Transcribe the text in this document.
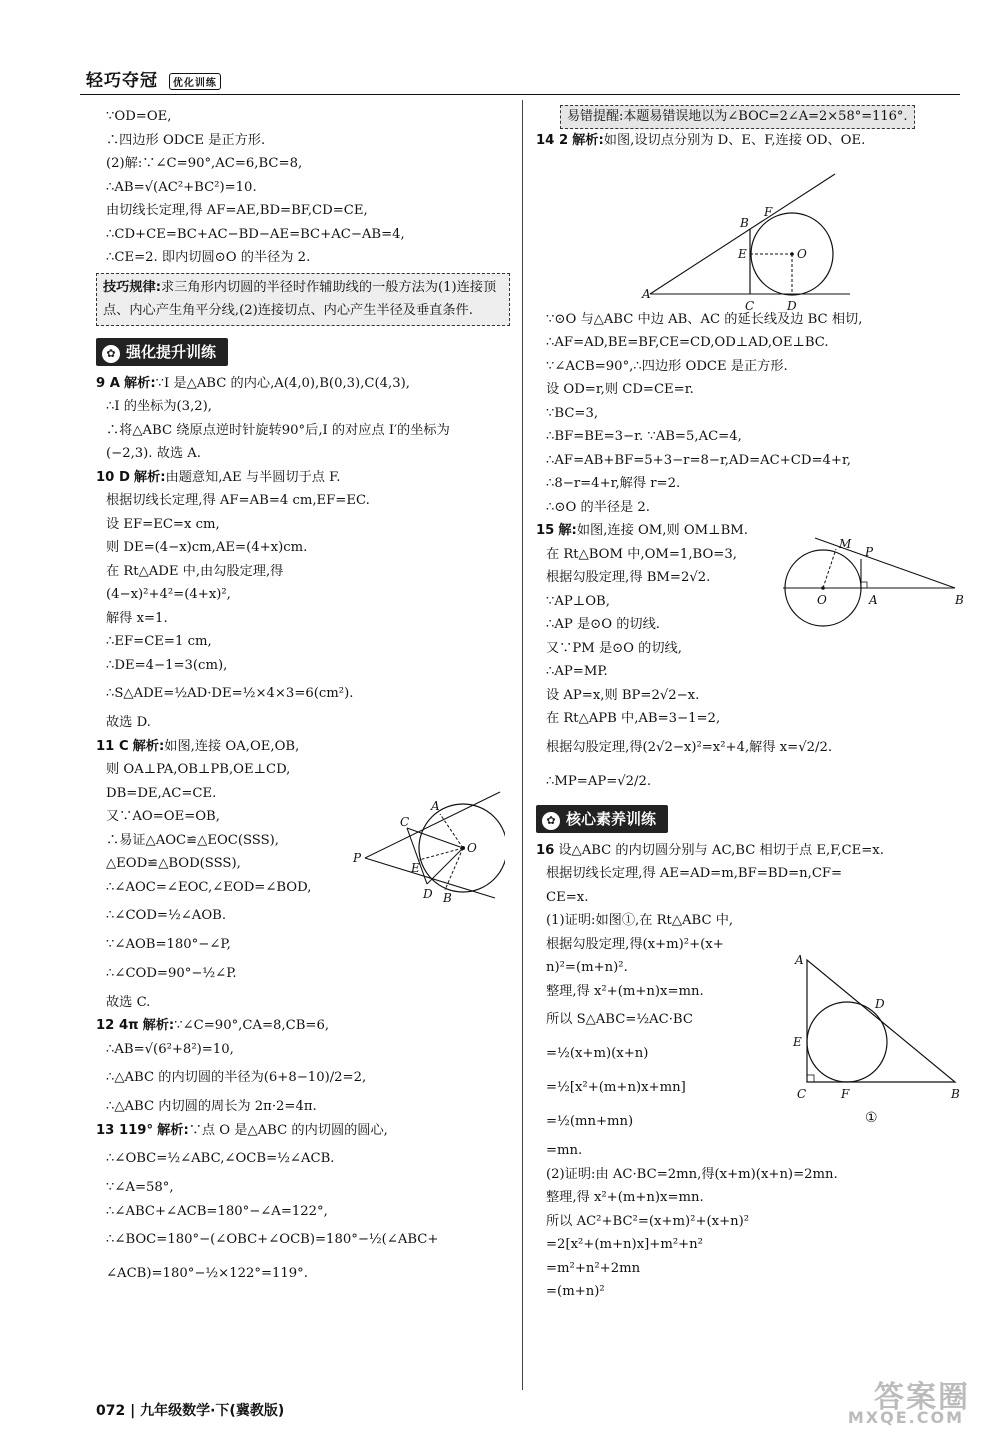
轻巧夺冠 优化训练
∵OD=OE,
∴四边形 ODCE 是正方形.
(2)解:∵∠C=90°,AC=6,BC=8,
∴AB=√(AC²+BC²)=10.
由切线长定理,得 AF=AE,BD=BF,CD=CE,
∴CD+CE=BC+AC−BD−AE=BC+AC−AB=4,
∴CE=2. 即内切圆⊙O 的半径为 2.
技巧规律:求三角形内切圆的半径时作辅助线的一般方法为(1)连接顶点、内心产生角平分线,(2)连接切点、内心产生半径及垂直条件.
✿ 强化提升训练
9 A 解析:∵I 是△ABC 的内心,A(4,0),B(0,3),C(4,3),
∴I 的坐标为(3,2),
∴将△ABC 绕原点逆时针旋转90°后,I 的对应点 I′的坐标为
(−2,3). 故选 A.
10 D 解析:由题意知,AE 与半圆切于点 F.
根据切线长定理,得 AF=AB=4 cm,EF=EC.
设 EF=EC=x cm,
则 DE=(4−x)cm,AE=(4+x)cm.
在 Rt△ADE 中,由勾股定理,得
(4−x)²+4²=(4+x)²,
解得 x=1.
∴EF=CE=1 cm,
∴DE=4−1=3(cm),
∴S△ADE=½AD·DE=½×4×3=6(cm²).
故选 D.
11 C 解析:如图,连接 OA,OE,OB,
则 OA⊥PA,OB⊥PB,OE⊥CD,
DB=DE,AC=CE.
又∵AO=OE=OB,
∴易证△AOC≌△EOC(SSS),
△EOD≌△BOD(SSS),
∴∠AOC=∠EOC,∠EOD=∠BOD,
∴∠COD=½∠AOB.
∵∠AOB=180°−∠P,
∴∠COD=90°−½∠P.
故选 C.
12 4π 解析:∵∠C=90°,CA=8,CB=6,
∴AB=√(6²+8²)=10,
∴△ABC 的内切圆的半径为(6+8−10)/2=2,
∴△ABC 内切圆的周长为 2π·2=4π.
13 119° 解析:∵点 O 是△ABC 的内切圆的圆心,
∴∠OBC=½∠ABC,∠OCB=½∠ACB.
∵∠A=58°,
∴∠ABC+∠ACB=180°−∠A=122°,
∴∠BOC=180°−(∠OBC+∠OCB)=180°−½(∠ABC+
∠ACB)=180°−½×122°=119°.
A
C
E
O
P
D B
易错提醒:本题易错误地以为∠BOC=2∠A=2×58°=116°.
14 2 解析:如图,设切点分别为 D、E、F,连接 OD、OE.
∵⊙O 与△ABC 中边 AB、AC 的延长线及边 BC 相切,
∴AF=AD,BE=BF,CE=CD,OD⊥AD,OE⊥BC.
∵∠ACB=90°,∴四边形 ODCE 是正方形.
设 OD=r,则 CD=CE=r.
∵BC=3,
∴BF=BE=3−r. ∵AB=5,AC=4,
∴AF=AB+BF=5+3−r=8−r,AD=AC+CD=4+r,
∴8−r=4+r,解得 r=2.
∴⊙O 的半径是 2.
15 解:如图,连接 OM,则 OM⊥BM.
在 Rt△BOM 中,OM=1,BO=3,
根据勾股定理,得 BM=2√2.
∵AP⊥OB,
∴AP 是⊙O 的切线.
又∵PM 是⊙O 的切线,
∴AP=MP.
设 AP=x,则 BP=2√2−x.
在 Rt△APB 中,AB=3−1=2,
根据勾股定理,得(2√2−x)²=x²+4,解得 x=√2/2.
∴MP=AP=√2/2.
✿ 核心素养训练
16 设△ABC 的内切圆分别与 AC,BC 相切于点 E,F,CE=x.
根据切线长定理,得 AE=AD=m,BF=BD=n,CF=
CE=x.
(1)证明:如图①,在 Rt△ABC 中,
根据勾股定理,得(x+m)²+(x+
n)²=(m+n)².
整理,得 x²+(m+n)x=mn.
所以 S△ABC=½AC·BC
=½(x+m)(x+n)
=½[x²+(m+n)x+mn]
=½(mn+mn)
=mn.
(2)证明:由 AC·BC=2mn,得(x+m)(x+n)=2mn.
整理,得 x²+(m+n)x=mn.
所以 AC²+BC²=(x+m)²+(x+n)²
=2[x²+(m+n)x]+m²+n²
=m²+n²+2mn
=(m+n)²
A
B
F
E	O
C	D
M
P
O	A	B
A
D
E
C	F	B
①
072 | 九年级数学·下(冀教版)	答案圈
MXQE.COM
